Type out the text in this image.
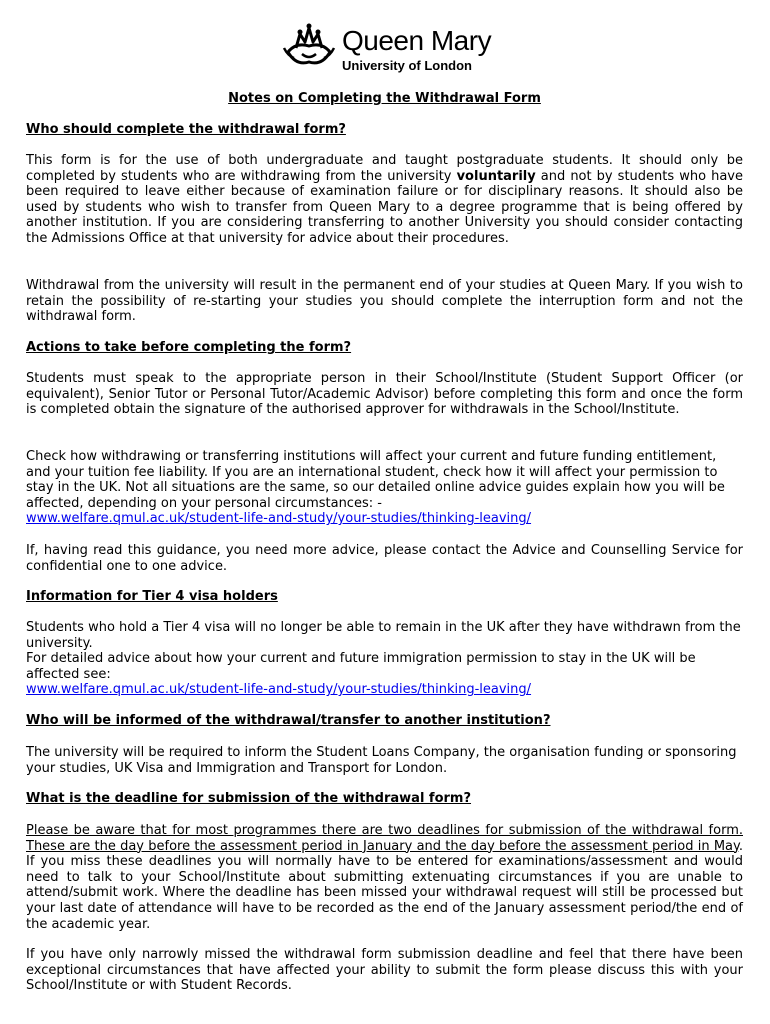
Queen Mary
University of London
Notes on Completing the Withdrawal Form
Who should complete the withdrawal form?
This form is for the use of both undergraduate and taught postgraduate students. It should only be completed by students who are withdrawing from the university voluntarily and not by students who have been required to leave either because of examination failure or for disciplinary reasons. It should also be used by students who wish to transfer from Queen Mary to a degree programme that is being offered by another institution. If you are considering transferring to another University you should consider contacting the Admissions Office at that university for advice about their procedures.
Withdrawal from the university will result in the permanent end of your studies at Queen Mary. If you wish to retain the possibility of re-starting your studies you should complete the interruption form and not the withdrawal form.
Actions to take before completing the form?
Students must speak to the appropriate person in their School/Institute (Student Support Officer (or equivalent), Senior Tutor or Personal Tutor/Academic Advisor) before completing this form and once the form is completed obtain the signature of the authorised approver for withdrawals in the School/Institute.
Check how withdrawing or transferring institutions will affect your current and future funding entitlement, and your tuition fee liability. If you are an international student, check how it will affect your permission to stay in the UK. Not all situations are the same, so our detailed online advice guides explain how you will be affected, depending on your personal circumstances: -
www.welfare.qmul.ac.uk/student-life-and-study/your-studies/thinking-leaving/
If, having read this guidance, you need more advice, please contact the Advice and Counselling Service for confidential one to one advice.
Information for Tier 4 visa holders
Students who hold a Tier 4 visa will no longer be able to remain in the UK after they have withdrawn from the university.
For detailed advice about how your current and future immigration permission to stay in the UK will be affected see:
www.welfare.qmul.ac.uk/student-life-and-study/your-studies/thinking-leaving/
Who will be informed of the withdrawal/transfer to another institution?
The university will be required to inform the Student Loans Company, the organisation funding or sponsoring your studies, UK Visa and Immigration and Transport for London.
What is the deadline for submission of the withdrawal form?
Please be aware that for most programmes there are two deadlines for submission of the withdrawal form. These are the day before the assessment period in January and the day before the assessment period in May. If you miss these deadlines you will normally have to be entered for examinations/assessment and would need to talk to your School/Institute about submitting extenuating circumstances if you are unable to attend/submit work. Where the deadline has been missed your withdrawal request will still be processed but your last date of attendance will have to be recorded as the end of the January assessment period/the end of the academic year.
If you have only narrowly missed the withdrawal form submission deadline and feel that there have been exceptional circumstances that have affected your ability to submit the form please discuss this with your School/Institute or with Student Records.
